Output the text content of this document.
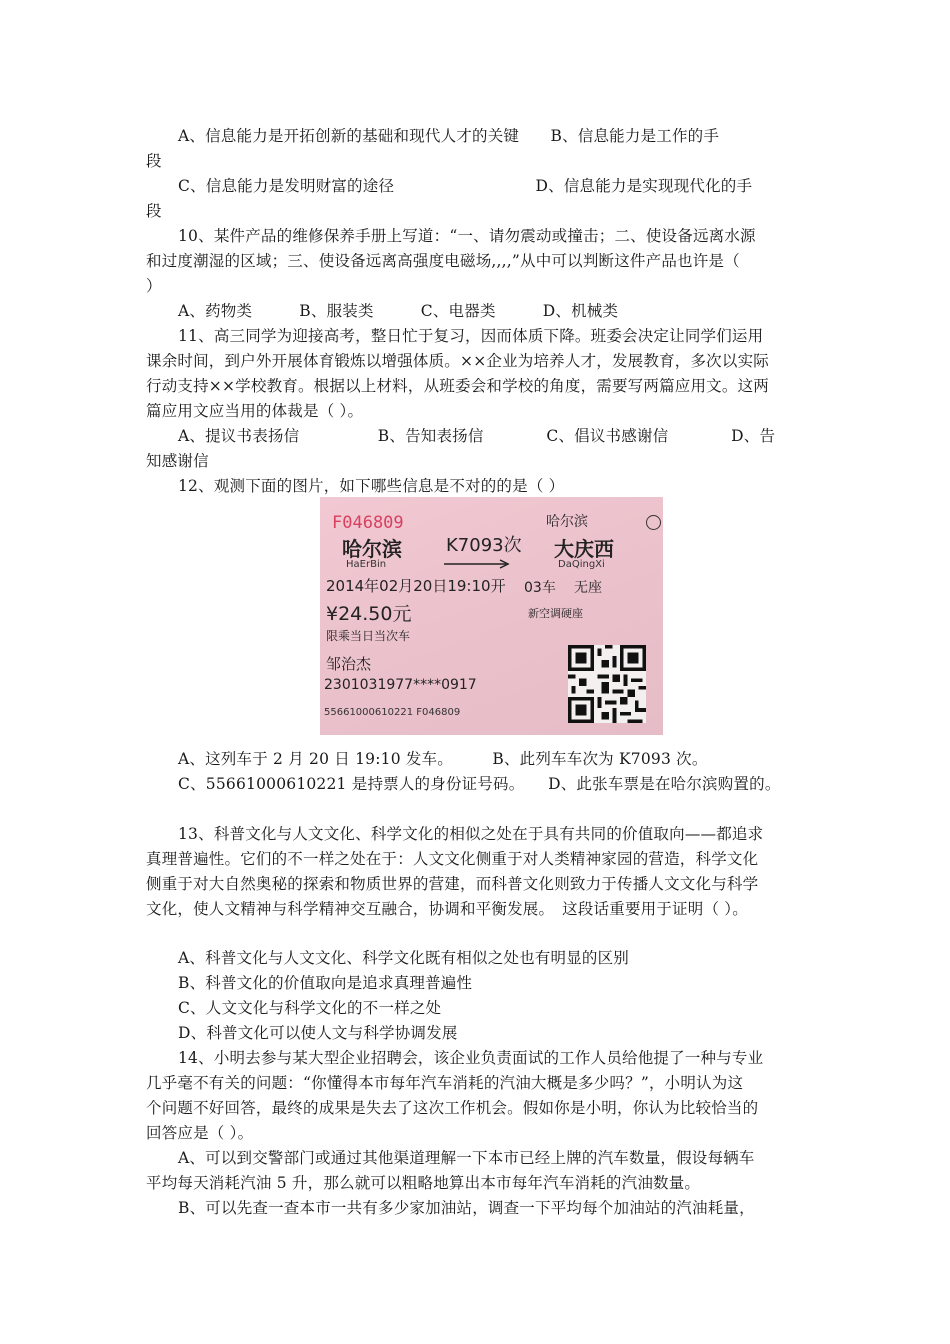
A、信息能力是开拓创新的基础和现代人才的关键　　B、信息能力是工作的手
段
C、信息能力是发明财富的途径　　　　　　　　　D、信息能力是实现现代化的手
段
10、某件产品的维修保养手册上写道：“一、请勿震动或撞击；二、使设备远离水源
和过度潮湿的区域；三、使设备远离高强度电磁场,,,,”从中可以判断这件产品也许是（
）
A、药物类　　　B、服装类　　　C、电器类　　　D、机械类
11、高三同学为迎接高考，整日忙于复习，因而体质下降。班委会决定让同学们运用
课余时间，到户外开展体育锻炼以增强体质。××企业为培养人才，发展教育，多次以实际
行动支持××学校教育。根据以上材料，从班委会和学校的角度，需要写两篇应用文。这两
篇应用文应当用的体裁是（ ）。
A、提议书表扬信　　　　　B、告知表扬信　　　　C、倡议书感谢信　　　　D、告
知感谢信
12、观测下面的图片，如下哪些信息是不对的的是（ ）
A、这列车于 2 月 20 日 19:10 发车。　　　B、此列车车次为 K7093 次。
C、55661000610221 是持票人的身份证号码。　　D、此张车票是在哈尔滨购置的。
13、科普文化与人文文化、科学文化的相似之处在于具有共同的价值取向——都追求
真理普遍性。它们的不一样之处在于：人文文化侧重于对人类精神家园的营造，科学文化
侧重于对大自然奥秘的探索和物质世界的营建，而科普文化则致力于传播人文文化与科学
文化，使人文精神与科学精神交互融合，协调和平衡发展。　这段话重要用于证明（ ）。
A、科普文化与人文文化、科学文化既有相似之处也有明显的区别
B、科普文化的价值取向是追求真理普遍性
C、人文文化与科学文化的不一样之处
D、科普文化可以使人文与科学协调发展
14、小明去参与某大型企业招聘会，该企业负责面试的工作人员给他提了一种与专业
几乎毫不有关的问题：“你懂得本市每年汽车消耗的汽油大概是多少吗？”，小明认为这
个问题不好回答，最终的成果是失去了这次工作机会。假如你是小明，你认为比较恰当的
回答应是（ ）。
A、可以到交警部门或通过其他渠道理解一下本市已经上牌的汽车数量，假设每辆车
平均每天消耗汽油 5 升，那么就可以粗略地算出本市每年汽车消耗的汽油数量。
B、可以先查一查本市一共有多少家加油站，调查一下平均每个加油站的汽油耗量，
F046809	哈尔滨
哈尔滨
HaErBin
K7093次 大庆西
DaQingXi
2014年02月20日19:10开 03车 无座
¥24.50元	新空调硬座
限乘当日当次车
邹治杰
2301031977****0917
55661000610221 F046809
